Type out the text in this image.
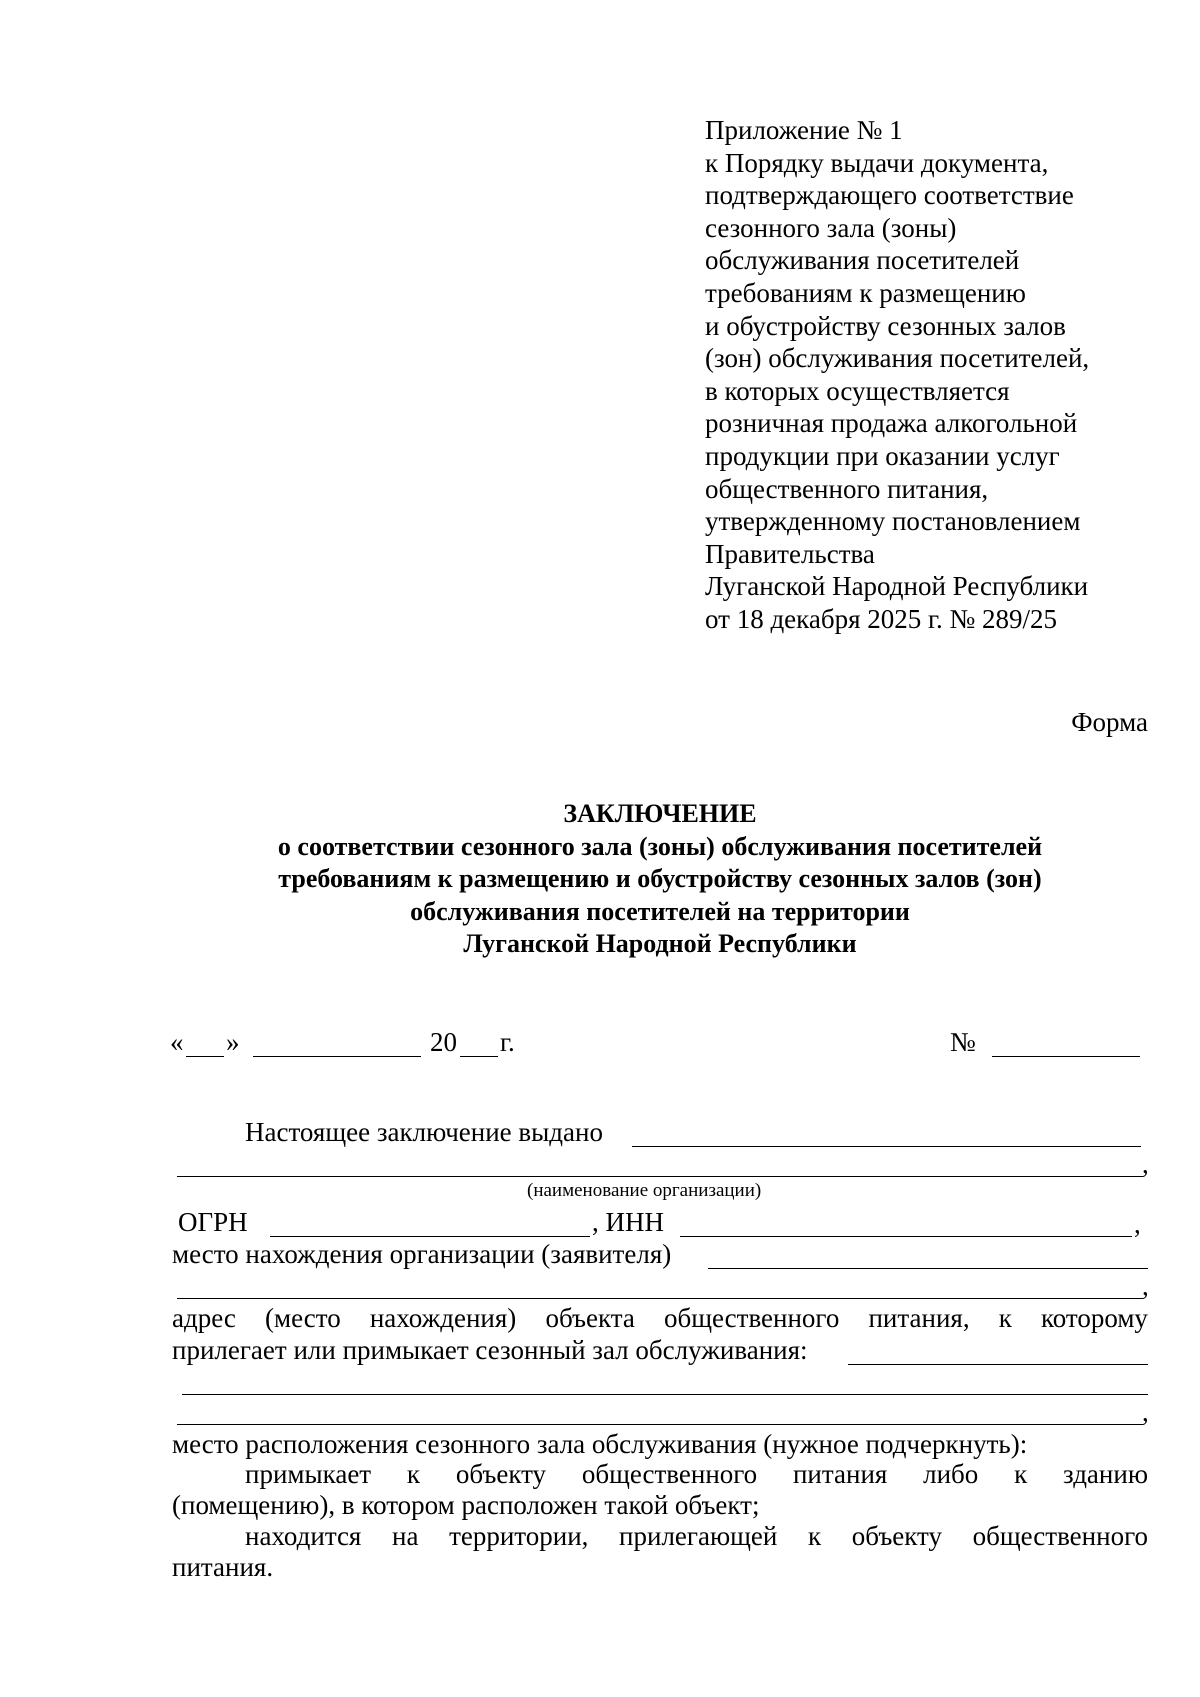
Приложение № 1
к Порядку выдачи документа,
подтверждающего соответствие
сезонного зала (зоны)
обслуживания посетителей
требованиям к размещению
и обустройству сезонных залов
(зон) обслуживания посетителей,
в которых осуществляется
розничная продажа алкогольной
продукции при оказании услуг
общественного питания,
утвержденному постановлением
Правительства
Луганской Народной Республики
от 18 декабря 2025 г. № 289/25
Форма
ЗАКЛЮЧЕНИЕ
о соответствии сезонного зала (зоны) обслуживания посетителей
требованиям к размещению и обустройству сезонных залов (зон)
обслуживания посетителей на территории
Луганской Народной Республики
« »	20 г.	№
Настоящее заключение выдано
,
(наименование организации)
ОГРН	, ИНН	,
место нахождения организации (заявителя)
,
адрес (место нахождения) объекта общественного питания, к которому
прилегает или примыкает сезонный зал обслуживания:
,
место расположения сезонного зала обслуживания (нужное подчеркнуть):
примыкает к объекту общественного питания либо к зданию
(помещению), в котором расположен такой объект;
находится на территории, прилегающей к объекту общественного
питания.
